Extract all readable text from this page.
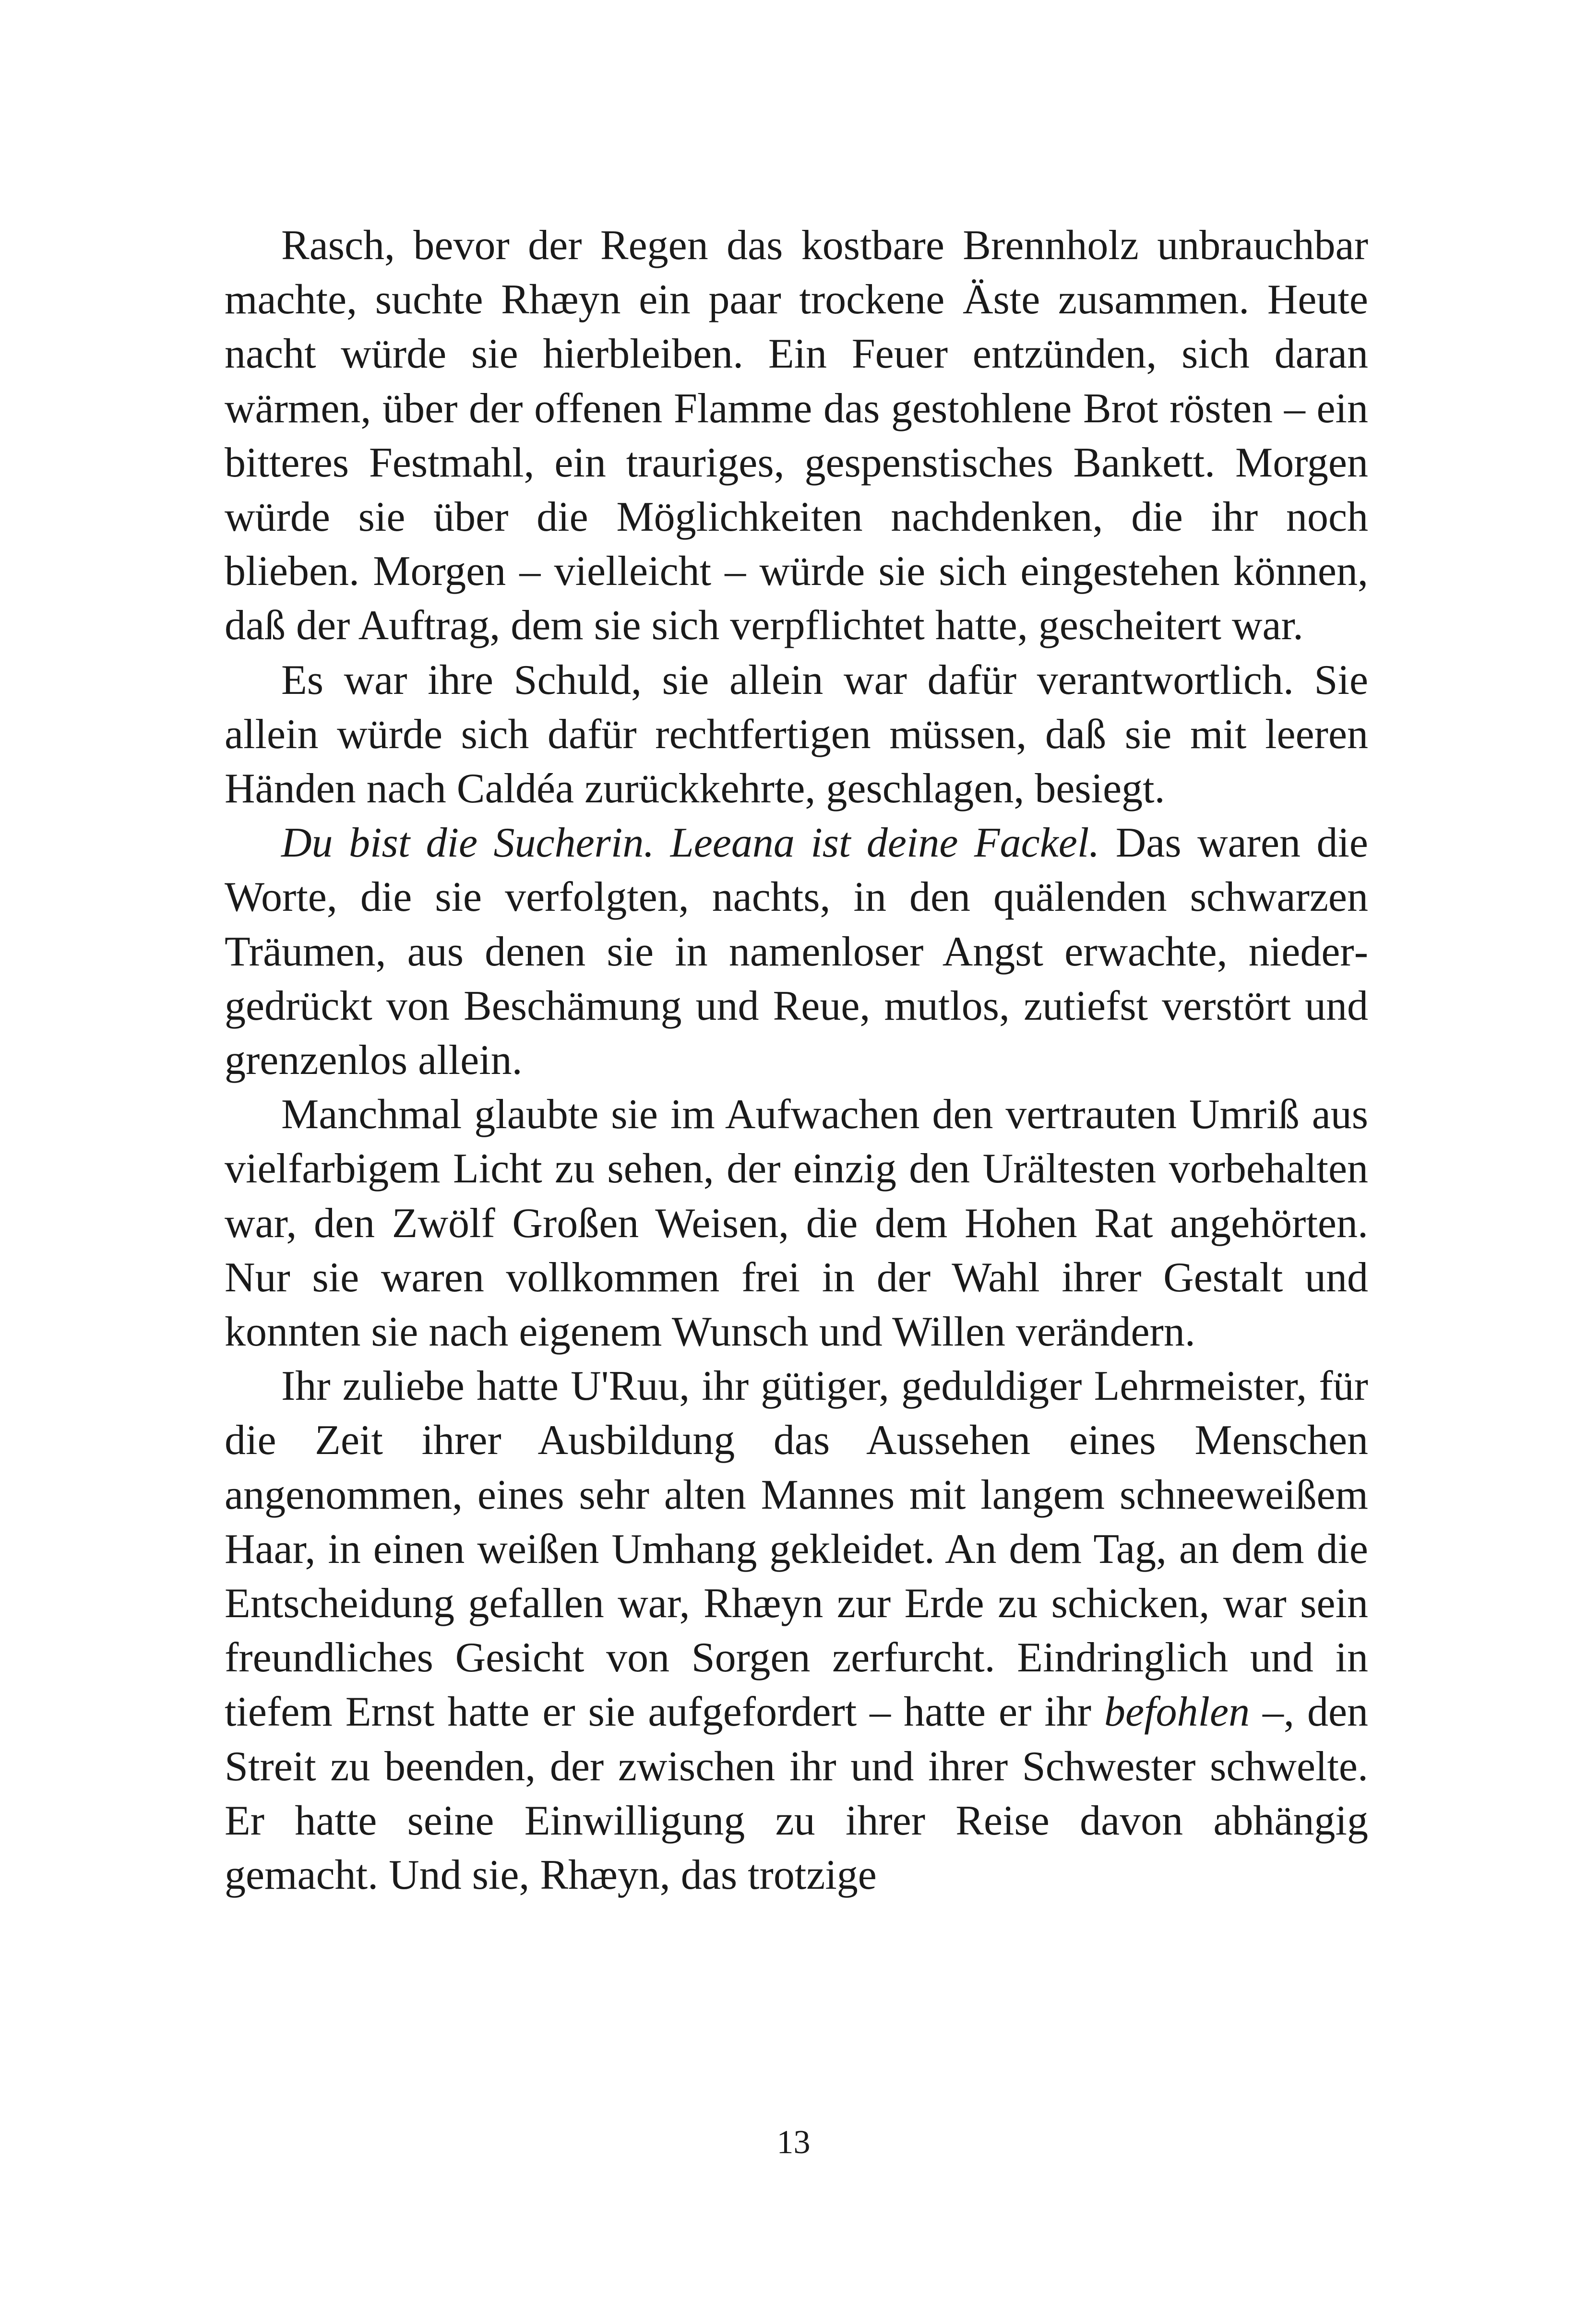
Rasch, bevor der Regen das kostbare Brennholz unbrauchbar machte, suchte Rhæyn ein paar trockene Äste zusammen. Heute nacht würde sie hierbleiben. Ein Feuer entzünden, sich daran wärmen, über der offenen Flamme das gestohlene Brot rösten – ein bitteres Festmahl, ein trauriges, gespenstisches Bankett. Morgen würde sie über die Möglichkeiten nachdenken, die ihr noch blieben. Morgen – vielleicht – würde sie sich eingestehen können, daß der Auftrag, dem sie sich verpflichtet hatte, gescheitert war.

Es war ihre Schuld, sie allein war dafür verantwortlich. Sie allein würde sich dafür rechtfertigen müssen, daß sie mit leeren Händen nach Caldéa zurückkehrte, geschlagen, besiegt.

Du bist die Sucherin. Leeana ist deine Fackel. Das waren die Worte, die sie verfolgten, nachts, in den quälenden schwarzen Träumen, aus denen sie in namenloser Angst erwachte, niedergedrückt von Beschämung und Reue, mutlos, zutiefst verstört und grenzenlos allein.

Manchmal glaubte sie im Aufwachen den vertrauten Umriß aus vielfarbigem Licht zu sehen, der einzig den Urältesten vorbehalten war, den Zwölf Großen Weisen, die dem Hohen Rat angehörten. Nur sie waren vollkommen frei in der Wahl ihrer Gestalt und konnten sie nach eigenem Wunsch und Willen verändern.

Ihr zuliebe hatte U'Ruu, ihr gütiger, geduldiger Lehrmeister, für die Zeit ihrer Ausbildung das Aussehen eines Menschen angenommen, eines sehr alten Mannes mit langem schneeweißem Haar, in einen weißen Umhang gekleidet. An dem Tag, an dem die Entscheidung gefallen war, Rhæyn zur Erde zu schicken, war sein freundliches Gesicht von Sorgen zerfurcht. Eindringlich und in tiefem Ernst hatte er sie aufgefordert – hatte er ihr befohlen –, den Streit zu beenden, der zwischen ihr und ihrer Schwester schwelte. Er hatte seine Einwilligung zu ihrer Reise davon abhängig gemacht. Und sie, Rhæyn, das trotzige

13
